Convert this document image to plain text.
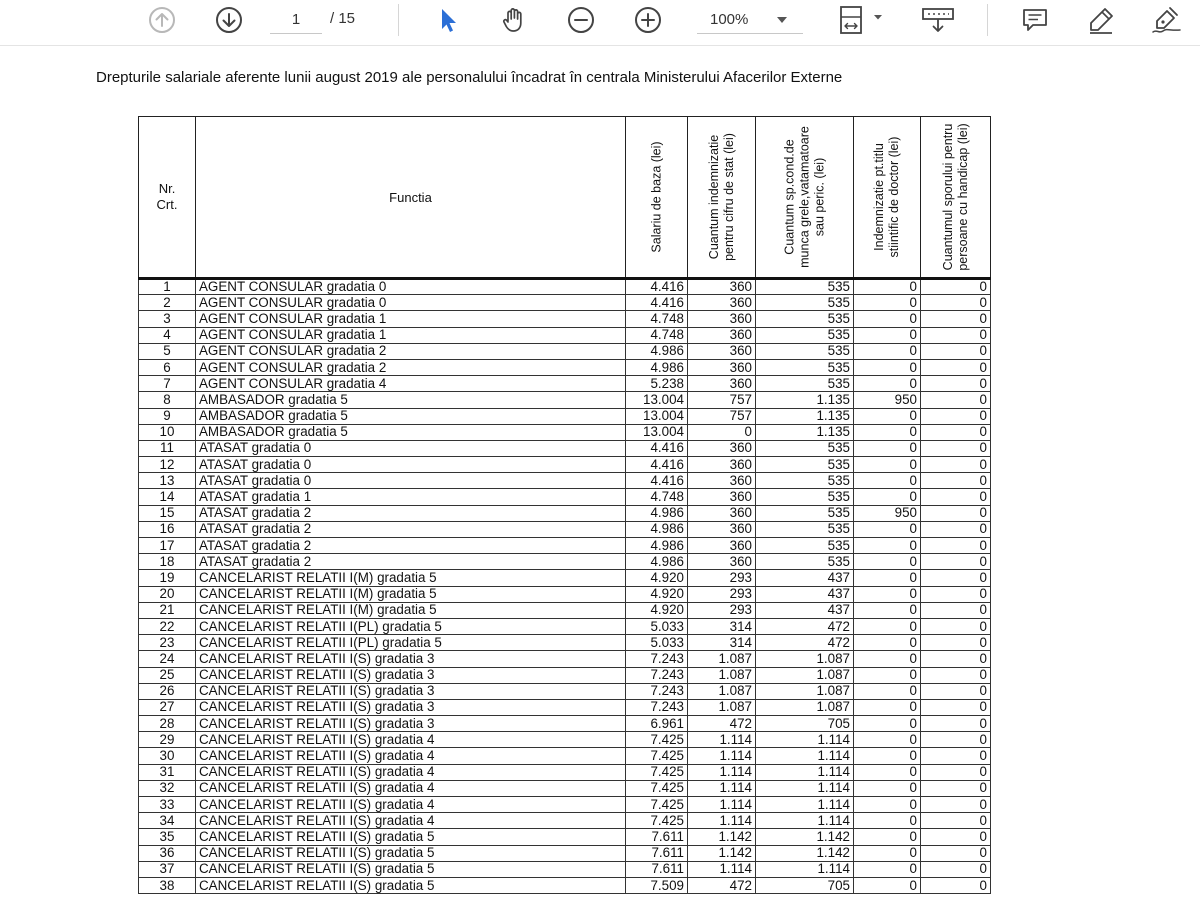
1
/ 15	100%
Drepturile salariale aferente lunii august 2019 ale personalului încadrat în centrala Ministerului Afacerilor Externe
Nr. Crt.	Functia	Salariu de baza (lei)	Cuantum indemnizatie pentru cifru de stat (lei)	Cuantum sp.cond.de munca grele,vatamatoare sau peric. (lei)	Indemnizatie pt.titlu stiintific de doctor (lei)	Cuantumul sporului pentru persoane cu handicap (lei)

1	AGENT CONSULAR gradatia 0	4.416	360	535	0	0
2	AGENT CONSULAR gradatia 0	4.416	360	535	0	0
3	AGENT CONSULAR gradatia 1	4.748	360	535	0	0
4	AGENT CONSULAR gradatia 1	4.748	360	535	0	0
5	AGENT CONSULAR gradatia 2	4.986	360	535	0	0
6	AGENT CONSULAR gradatia 2	4.986	360	535	0	0
7	AGENT CONSULAR gradatia 4	5.238	360	535	0	0
8	AMBASADOR gradatia 5	13.004	757	1.135	950	0
9	AMBASADOR gradatia 5	13.004	757	1.135	0	0
10	AMBASADOR gradatia 5	13.004	0	1.135	0	0
11	ATASAT gradatia 0	4.416	360	535	0	0
12	ATASAT gradatia 0	4.416	360	535	0	0
13	ATASAT gradatia 0	4.416	360	535	0	0
14	ATASAT gradatia 1	4.748	360	535	0	0
15	ATASAT gradatia 2	4.986	360	535	950	0
16	ATASAT gradatia 2	4.986	360	535	0	0
17	ATASAT gradatia 2	4.986	360	535	0	0
18	ATASAT gradatia 2	4.986	360	535	0	0
19	CANCELARIST RELATII I(M) gradatia 5	4.920	293	437	0	0
20	CANCELARIST RELATII I(M) gradatia 5	4.920	293	437	0	0
21	CANCELARIST RELATII I(M) gradatia 5	4.920	293	437	0	0
22	CANCELARIST RELATII I(PL) gradatia 5	5.033	314	472	0	0
23	CANCELARIST RELATII I(PL) gradatia 5	5.033	314	472	0	0
24	CANCELARIST RELATII I(S) gradatia 3	7.243	1.087	1.087	0	0
25	CANCELARIST RELATII I(S) gradatia 3	7.243	1.087	1.087	0	0
26	CANCELARIST RELATII I(S) gradatia 3	7.243	1.087	1.087	0	0
27	CANCELARIST RELATII I(S) gradatia 3	7.243	1.087	1.087	0	0
28	CANCELARIST RELATII I(S) gradatia 3	6.961	472	705	0	0
29	CANCELARIST RELATII I(S) gradatia 4	7.425	1.114	1.114	0	0
30	CANCELARIST RELATII I(S) gradatia 4	7.425	1.114	1.114	0	0
31	CANCELARIST RELATII I(S) gradatia 4	7.425	1.114	1.114	0	0
32	CANCELARIST RELATII I(S) gradatia 4	7.425	1.114	1.114	0	0
33	CANCELARIST RELATII I(S) gradatia 4	7.425	1.114	1.114	0	0
34	CANCELARIST RELATII I(S) gradatia 4	7.425	1.114	1.114	0	0
35	CANCELARIST RELATII I(S) gradatia 5	7.611	1.142	1.142	0	0
36	CANCELARIST RELATII I(S) gradatia 5	7.611	1.142	1.142	0	0
37	CANCELARIST RELATII I(S) gradatia 5	7.611	1.114	1.114	0	0
38	CANCELARIST RELATII I(S) gradatia 5	7.509	472	705	0	0
